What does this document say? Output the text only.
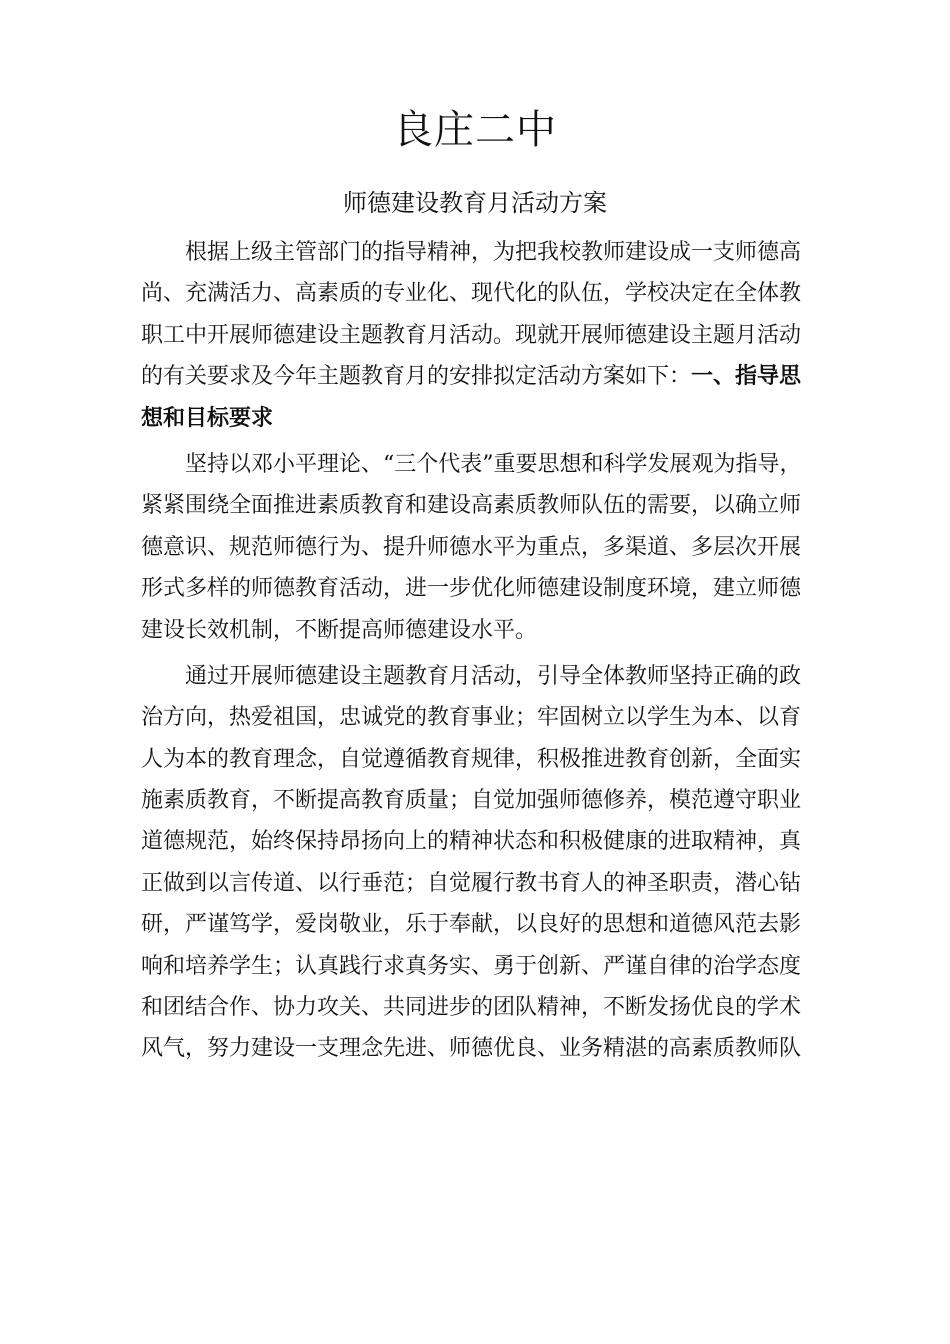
良庄二中
师德建设教育月活动方案
根据上级主管部门的指导精神，为把我校教师建设成一支师德高
尚、充满活力、高素质的专业化、现代化的队伍，学校决定在全体教
职工中开展师德建设主题教育月活动。现就开展师德建设主题月活动
的有关要求及今年主题教育月的安排拟定活动方案如下：一、指导思
想和目标要求
坚持以邓小平理论、“三个代表”重要思想和科学发展观为指导，
紧紧围绕全面推进素质教育和建设高素质教师队伍的需要，以确立师
德意识、规范师德行为、提升师德水平为重点，多渠道、多层次开展
形式多样的师德教育活动，进一步优化师德建设制度环境，建立师德
建设长效机制，不断提高师德建设水平。
通过开展师德建设主题教育月活动，引导全体教师坚持正确的政
治方向，热爱祖国，忠诚党的教育事业；牢固树立以学生为本、以育
人为本的教育理念，自觉遵循教育规律，积极推进教育创新，全面实
施素质教育，不断提高教育质量；自觉加强师德修养，模范遵守职业
道德规范，始终保持昂扬向上的精神状态和积极健康的进取精神，真
正做到以言传道、以行垂范；自觉履行教书育人的神圣职责，潜心钻
研，严谨笃学，爱岗敬业，乐于奉献，以良好的思想和道德风范去影
响和培养学生；认真践行求真务实、勇于创新、严谨自律的治学态度
和团结合作、协力攻关、共同进步的团队精神，不断发扬优良的学术
风气，努力建设一支理念先进、师德优良、业务精湛的高素质教师队
